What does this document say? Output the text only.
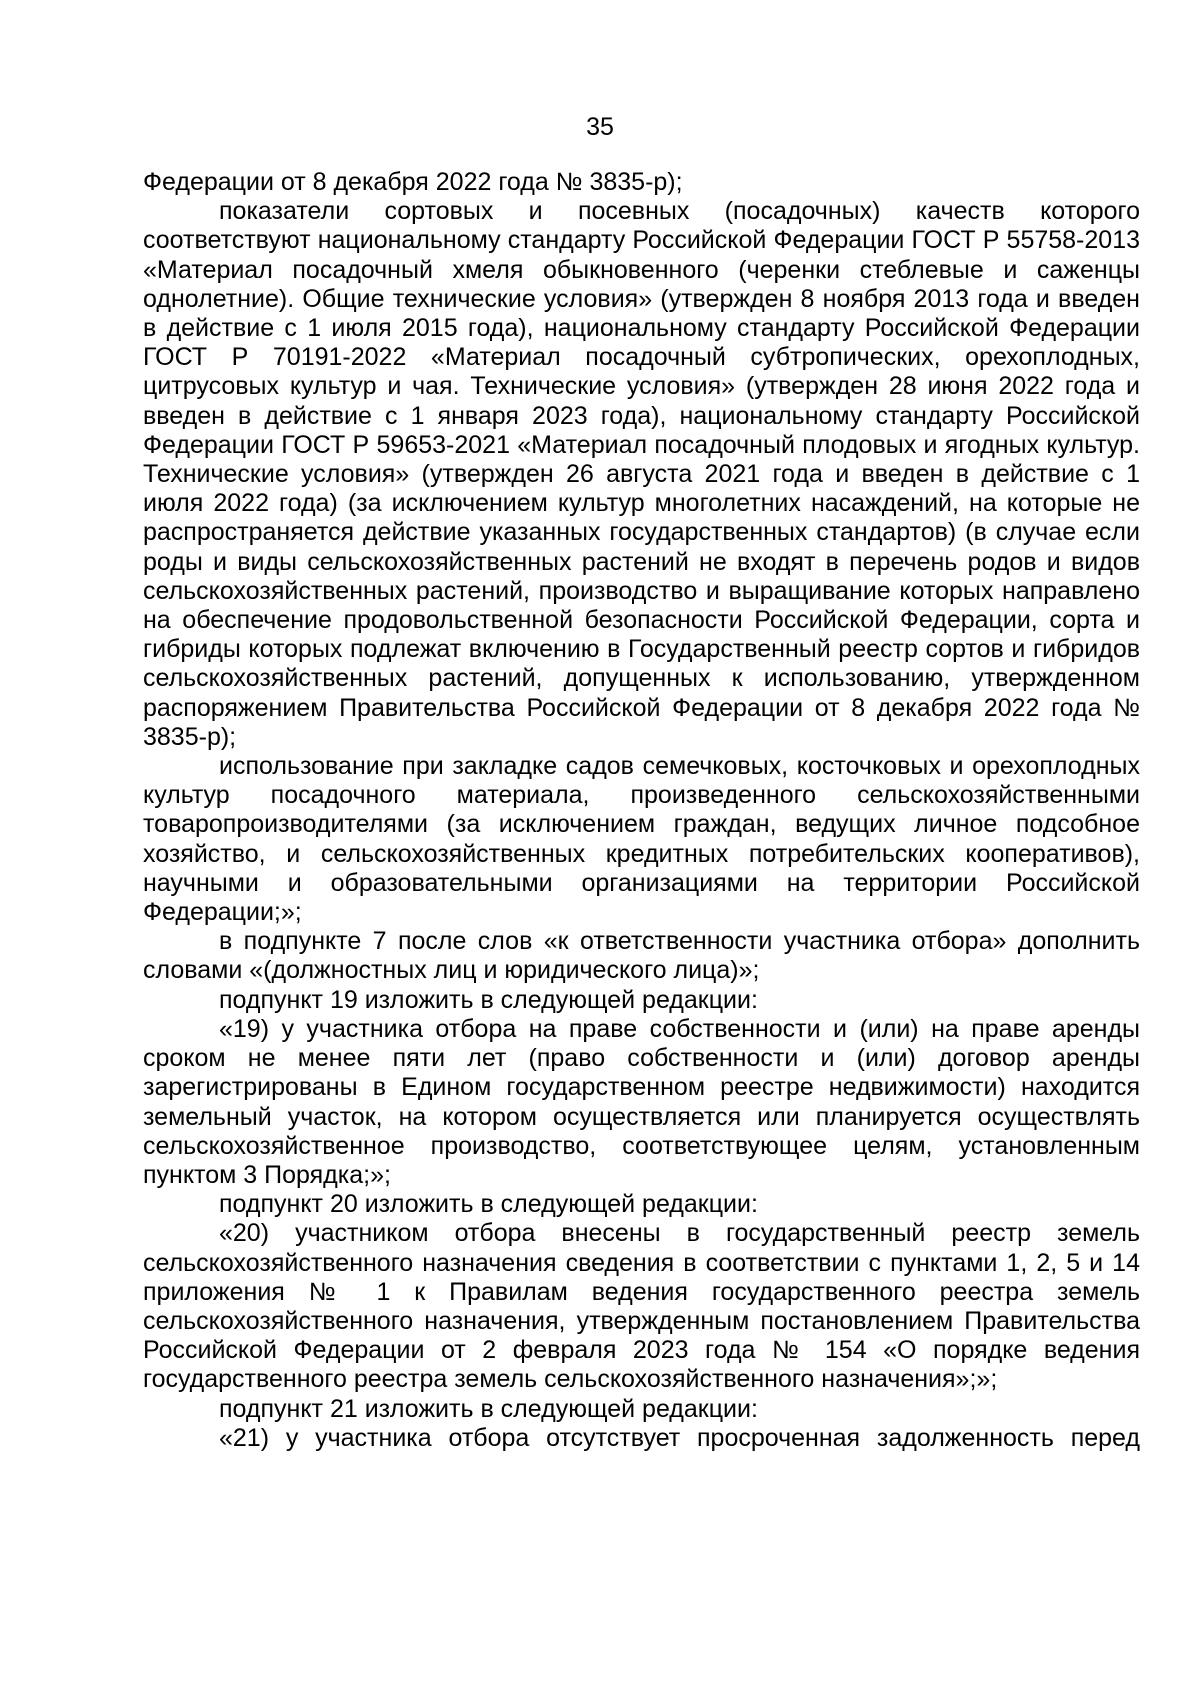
35

Федерации от 8 декабря 2022 года № 3835-р);

показатели сортовых и посевных (посадочных) качеств которого соответствуют национальному стандарту Российской Федерации ГОСТ Р 55758-2013 «Материал посадочный хмеля обыкновенного (черенки стеблевые и саженцы однолетние). Общие технические условия» (утвержден 8 ноября 2013 года и введен в действие с 1 июля 2015 года), национальному стандарту Российской Федерации ГОСТ Р 70191-2022 «Материал посадочный субтропических, орехоплодных, цитрусовых культур и чая. Технические условия» (утвержден 28 июня 2022 года и введен в действие с 1 января 2023 года), национальному стандарту Российской Федерации ГОСТ Р 59653-2021 «Материал посадочный плодовых и ягодных культур. Технические условия» (утвержден 26 августа 2021 года и введен в действие с 1 июля 2022 года) (за исключением культур многолетних насаждений, на которые не распространяется действие указанных государственных стандартов) (в случае если роды и виды сельскохозяйственных растений не входят в перечень родов и видов сельскохозяйственных растений, производство и выращивание которых направлено на обеспечение продовольственной безопасности Российской Федерации, сорта и гибриды которых подлежат включению в Государственный реестр сортов и гибридов сельскохозяйственных растений, допущенных к использованию, утвержденном распоряжением Правительства Российской Федерации от 8 декабря 2022 года № 3835-р);

использование при закладке садов семечковых, косточковых и орехоплодных культур посадочного материала, произведенного сельскохозяйственными товаропроизводителями (за исключением граждан, ведущих личное подсобное хозяйство, и сельскохозяйственных кредитных потребительских кооперативов), научными и образовательными организациями на территории Российской Федерации;»;

в подпункте 7 после слов «к ответственности участника отбора» дополнить словами «(должностных лиц и юридического лица)»;

подпункт 19 изложить в следующей редакции:

«19) у участника отбора на праве собственности и (или) на праве аренды сроком не менее пяти лет (право собственности и (или) договор аренды зарегистрированы в Едином государственном реестре недвижимости) находится земельный участок, на котором осуществляется или планируется осуществлять сельскохозяйственное производство, соответствующее целям, установленным пунктом 3 Порядка;»;

подпункт 20 изложить в следующей редакции:

«20) участником отбора внесены в государственный реестр земель сельскохозяйственного назначения сведения в соответствии с пунктами 1, 2, 5 и 14 приложения № 1 к Правилам ведения государственного реестра земель сельскохозяйственного назначения, утвержденным постановлением Правительства Российской Федерации от 2 февраля 2023 года № 154 «О порядке ведения государственного реестра земель сельскохозяйственного назначения»;»;

подпункт 21 изложить в следующей редакции:

«21) у участника отбора отсутствует просроченная задолженность перед
